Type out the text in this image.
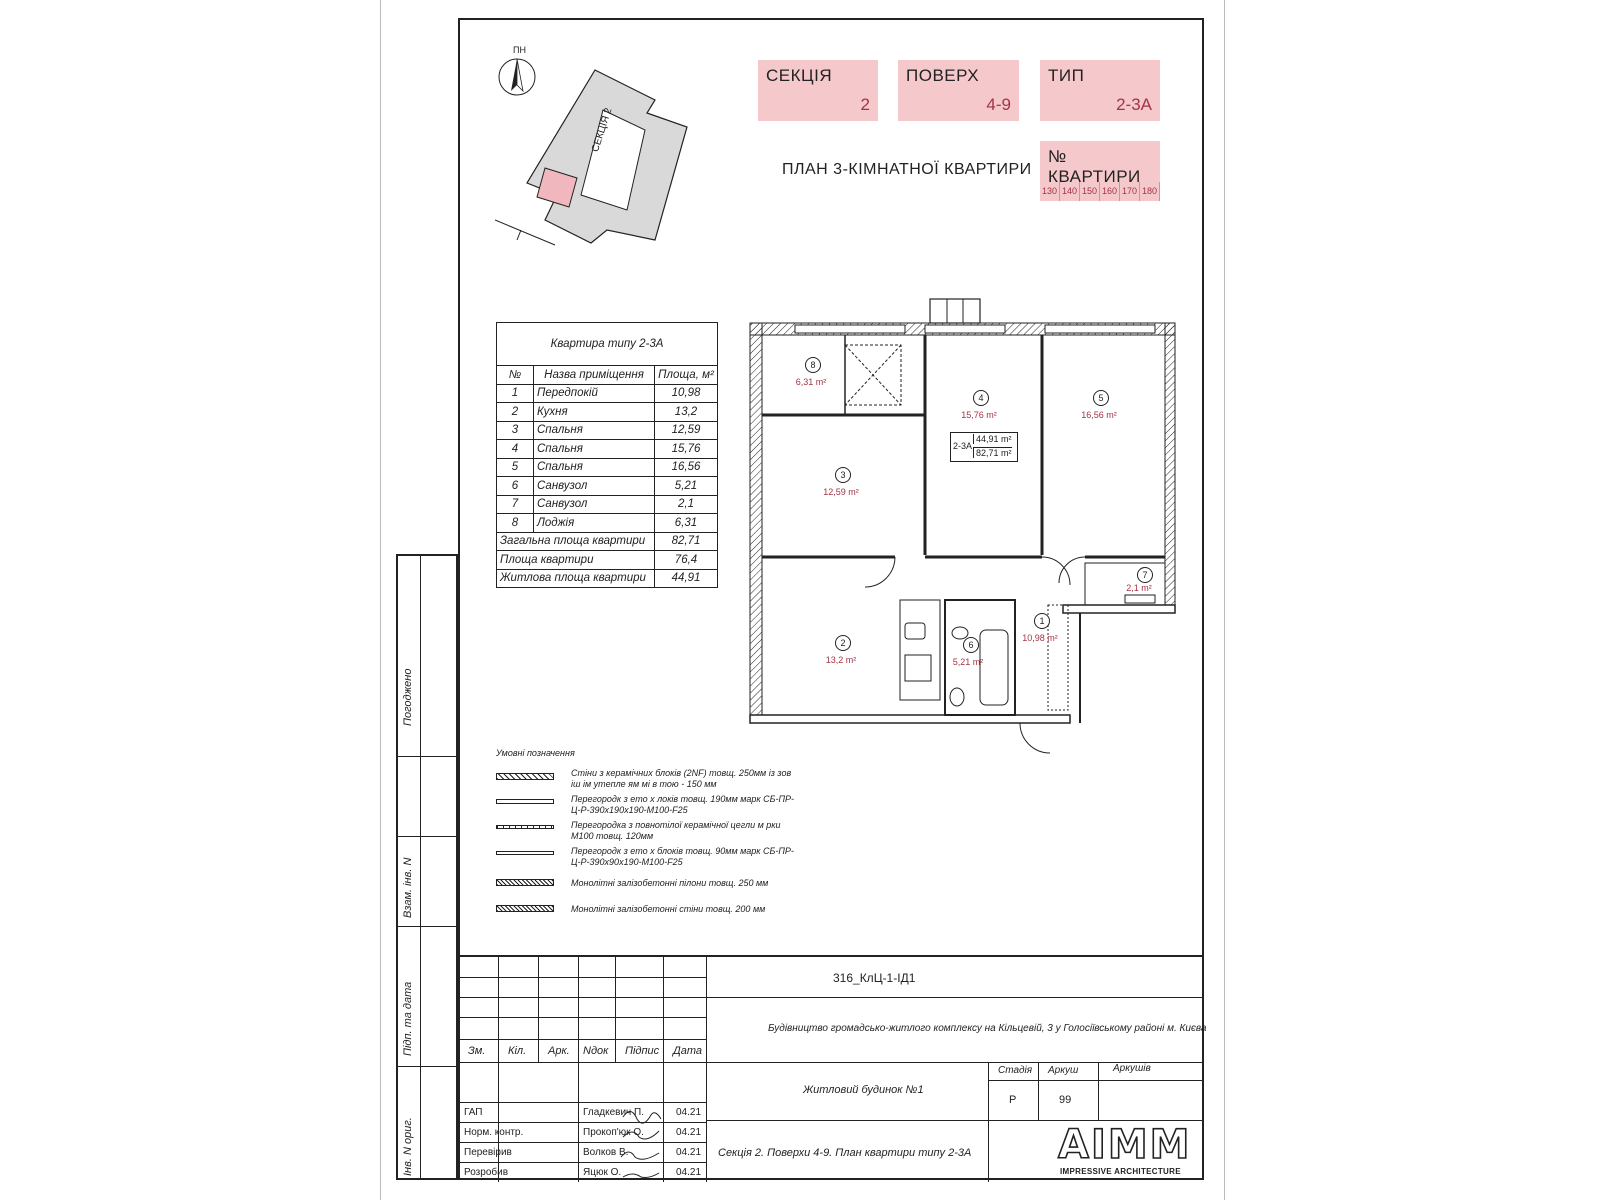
Погоджено
Взам. інв. N
Підп. та дата
Інв. N ориг.
ПН
СЕКЦІЯ 2
СЕКЦІЯ
2
ПОВЕРХ
4-9
ТИП
2-3А
№ КВАРТИРИ
130 140 150 160 170 180
ПЛАН 3-КІМНАТНОЇ КВАРТИРИ
Квартира типу 2-3А		
№	Назва приміщення	Площа, м²
1	Передпокій	10,98
2	Кухня	13,2
3	Спальня	12,59
4	Спальня	15,76
5	Спальня	16,56
6	Санвузол	5,21
7	Санвузол	2,1
8	Лоджія	6,31
Загальна площа квартири		82,71
Площа квартири		76,4
Житлова площа квартири		44,91
8
6,31 m²
4
15,76 m²
5
16,56 m²
3
12,59 m²
2
13,2 m²
6
5,21 m²
1
10,98 m²
7
2,1 m²
2-3А
44,91 m²
82,71 m²
Умовні позначення
Стіни з керамічних блоків (2NF) товщ. 250мм із зов іш ім утепле ям мі в тою - 150 мм
Перегородк з ето х локів товщ. 190мм марк СБ-ПР-Ц-Р-390х190х190-М100-F25
Перегородка з повнотілої керамічної цегли м рки М100 товщ. 120мм
Перегородк з ето х блоків товщ. 90мм марк СБ-ПР-Ц-Р-390х90х190-М100-F25
Монолітні залізобетонні пілони товщ. 250 мм
Монолітні залізобетонні стіни товщ. 200 мм
316_КлЦ-1-ІД1
Будівництво громадсько-житлого комплексу на Кільцевій, 3 у Голосіївському районі м. Києва
Житловий будинок №1
Секція 2. Поверхи 4-9. План квартири типу 2-3А
Зм. Кіл. Арк. Nдок Підпис Дата
Стадія Аркуш	Аркушів
Р	99
ГАП	Гладкевич П.	04.21
Норм. контр.	Прокоп'юк О.	04.21
Перевірив	Волков В.	04.21
Розробив	Яцюк О.	04.21
AIMM
IMPRESSIVE ARCHITECTURE
